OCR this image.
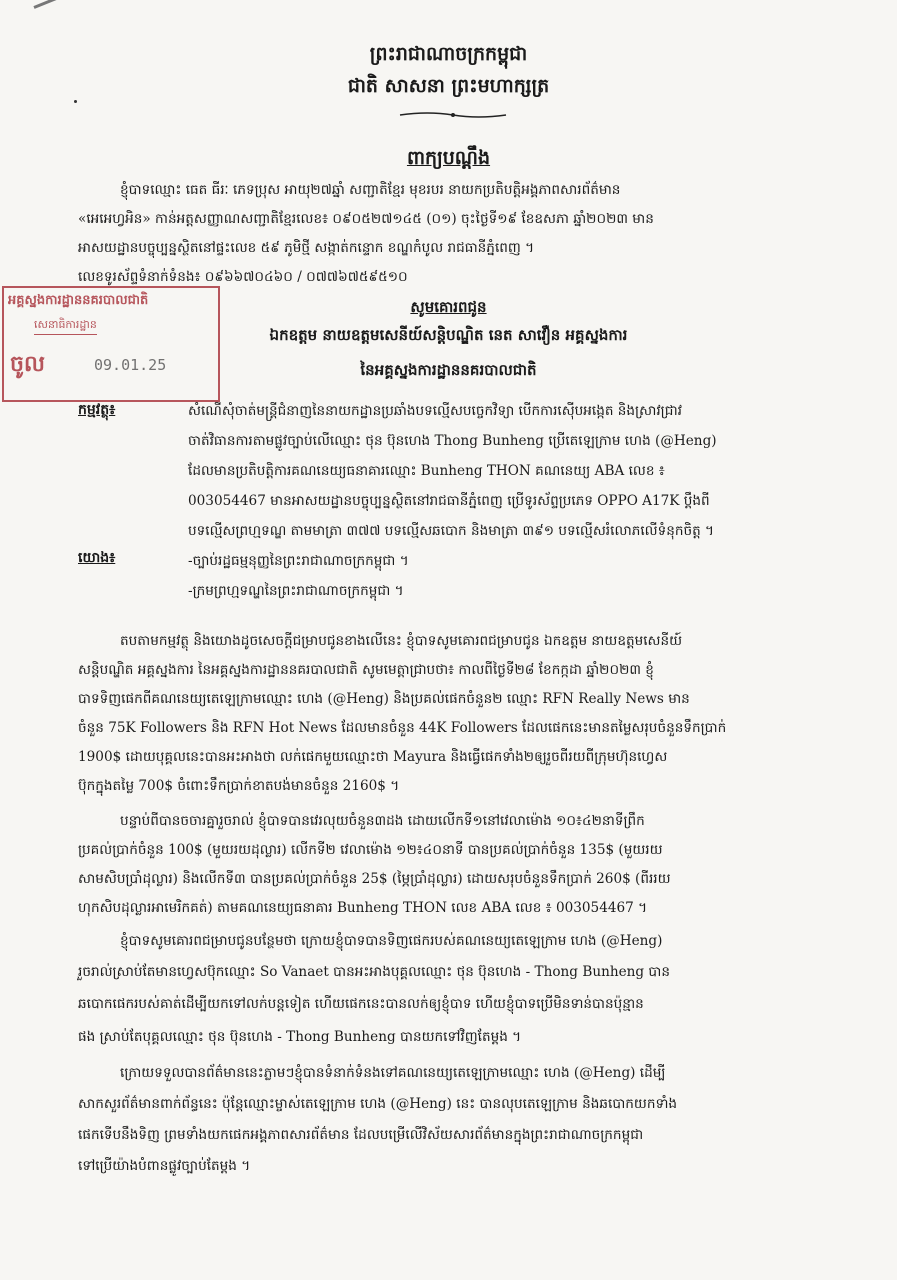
ព្រះរាជាណាចក្រកម្ពុជា
ជាតិ សាសនា ព្រះមហាក្សត្រ
ពាក្យបណ្តឹង
ខ្ញុំបាទឈ្មោះ ធេត ធីរៈ ភេទប្រុស អាយុ២៧ឆ្នាំ សញ្ជាតិខ្មែរ មុខរបរ នាយកប្រតិបត្តិអង្គភាពសារព័ត៌មាន
«អេអេហ្វអិន» កាន់អត្តសញ្ញាណសញ្ជាតិខ្មែរលេខ៖ ០៩០៥២៧១៤៥ (០១) ចុះថ្ងៃទី១៩ ខែឧសភា ឆ្នាំ២០២៣ មាន
អាសយដ្ឋានបច្ចុប្បន្នស្ថិតនៅផ្ទះលេខ ៥៩ ភូមិថ្មី សង្កាត់កន្ទោក ខណ្ឌកំបូល រាជធានីភ្នំពេញ ។
លេខទូរស័ព្ទទំនាក់ទំនង៖ ០៩៦៦៧០៤៦០ / ០៧៧៦៧៥៩៥១០
អគ្គស្នងការដ្ឋាននគរបាលជាតិ
សេនាធិការដ្ឋាន
ចូល	09.01.25
សូមគោរពជូន
ឯកឧត្តម នាយឧត្តមសេនីយ៍សន្តិបណ្ឌិត នេត សាវឿន អគ្គស្នងការ
នៃអគ្គស្នងការដ្ឋាននគរបាលជាតិ
កម្មវត្ថុ៖	សំណើសុំចាត់មន្ត្រីជំនាញនៃនាយកដ្ឋានប្រឆាំងបទល្មើសបច្ចេកវិទ្យា បើកការស៊ើបអង្កេត និងស្រាវជ្រាវ
ចាត់វិធានការតាមផ្លូវច្បាប់លើឈ្មោះ ថុន ប៊ុនហេង Thong Bunheng ប្រើតេឡេក្រាម ហេង (@Heng)
ដែលមានប្រតិបត្តិការគណនេយ្យធនាគារឈ្មោះ Bunheng THON គណនេយ្យ ABA លេខ ៖
003054467 មានអាសយដ្ឋានបច្ចុប្បន្នស្ថិតនៅរាជធានីភ្នំពេញ ប្រើទូរស័ព្ទប្រភេទ OPPO A17K ប្តឹងពី
បទល្មើសព្រហ្មទណ្ឌ តាមមាត្រា ៣៧៧ បទល្មើសឆបោក និងមាត្រា ៣៩១ បទល្មើសរំលោភលើទំនុកចិត្ត ។
យោង៖	-ច្បាប់រដ្ឋធម្មនុញ្ញនៃព្រះរាជាណាចក្រកម្ពុជា ។
-ក្រមព្រហ្មទណ្ឌនៃព្រះរាជាណាចក្រកម្ពុជា ។
តបតាមកម្មវត្ថុ និងយោងដូចសេចក្តីជម្រាបជូនខាងលើនេះ ខ្ញុំបាទសូមគោរពជម្រាបជូន ឯកឧត្តម នាយឧត្តមសេនីយ៍
សន្តិបណ្ឌិត អគ្គស្នងការ នៃអគ្គស្នងការដ្ឋាននគរបាលជាតិ សូមមេត្តាជ្រាបថា៖ កាលពីថ្ងៃទី២៨ ខែកក្កដា ឆ្នាំ២០២៣ ខ្ញុំ
បាទទិញផេកពីគណនេយ្យតេឡេក្រាមឈ្មោះ ហេង (@Heng) និងប្រគល់ផេកចំនួន២ ឈ្មោះ RFN Really News មាន
ចំនួន 75K Followers និង RFN Hot News ដែលមានចំនួន 44K Followers ដែលផេកនេះមានតម្លៃសរុបចំនួនទឹកប្រាក់
1900$ ដោយបុគ្គលនេះបានអះអាងថា លក់ផេកមួយឈ្មោះថា Mayura និងធ្វើផេកទាំង២ឲ្យរួចពីរយពីក្រុមហ៊ុនហ្វេស
ប៊ុកក្នុងតម្លៃ 700$ ចំពោះទឹកប្រាក់ខាតបង់មានចំនួន 2160$ ។
បន្ទាប់ពីបានចចារគ្នារួចរាល់ ខ្ញុំបាទបានវេរលុយចំនួន៣ដង ដោយលើកទី១នៅវេលាម៉ោង ១០៖៤២នាទីព្រឹក
ប្រគល់ប្រាក់ចំនួន 100$ (មួយរយដុល្លារ) លើកទី២ វេលាម៉ោង ១២៖៤០នាទី បានប្រគល់ប្រាក់ចំនួន 135$ (មួយរយ
សាមសិបប្រាំដុល្លារ) និងលើកទី៣ បានប្រគល់ប្រាក់ចំនួន 25$ (ម្ភៃប្រាំដុល្លារ) ដោយសរុបចំនួនទឹកប្រាក់ 260$ (ពីររយ
ហុកសិបដុល្លារអាមេរិកគត់) តាមគណនេយ្យធនាគារ Bunheng THON លេខ ABA លេខ ៖ 003054467 ។
ខ្ញុំបាទសូមគោរពជម្រាបជូនបន្ថែមថា ក្រោយខ្ញុំបាទបានទិញផេករបស់គណនេយ្យតេឡេក្រាម ហេង (@Heng)
រួចរាល់ស្រាប់តែមានហ្វេសប៊ុកឈ្មោះ So Vanaet បានអះអាងបុគ្គលឈ្មោះ ថុន ប៊ុនហេង - Thong Bunheng បាន
ឆបោកផេករបស់គាត់ដើម្បីយកទៅលក់បន្តទៀត ហើយផេកនេះបានលក់ឲ្យខ្ញុំបាទ ហើយខ្ញុំបាទប្រើមិនទាន់បានប៉ុន្មាន
ផង ស្រាប់តែបុគ្គលឈ្មោះ ថុន ប៊ុនហេង - Thong Bunheng បានយកទៅវិញតែម្តង ។
ក្រោយទទួលបានព័ត៌មាននេះភ្លាមៗខ្ញុំបានទំនាក់ទំនងទៅគណនេយ្យតេឡេក្រាមឈ្មោះ ហេង (@Heng) ដើម្បី
សាកសួរព័ត៌មានពាក់ព័ន្ធនេះ ប៉ុន្តែឈ្មោះម្ចាស់តេឡេក្រាម ហេង (@Heng) នេះ បានលុបតេឡេក្រាម និងឆបោកយកទាំង
ផេកទើបនឹងទិញ ព្រមទាំងយកផេកអង្គភាពសារព័ត៌មាន ដែលបម្រើលើវិស័យសារព័ត៌មានក្នុងព្រះរាជាណាចក្រកម្ពុជា
ទៅប្រើយ៉ាងបំពានផ្លូវច្បាប់តែម្តង ។
